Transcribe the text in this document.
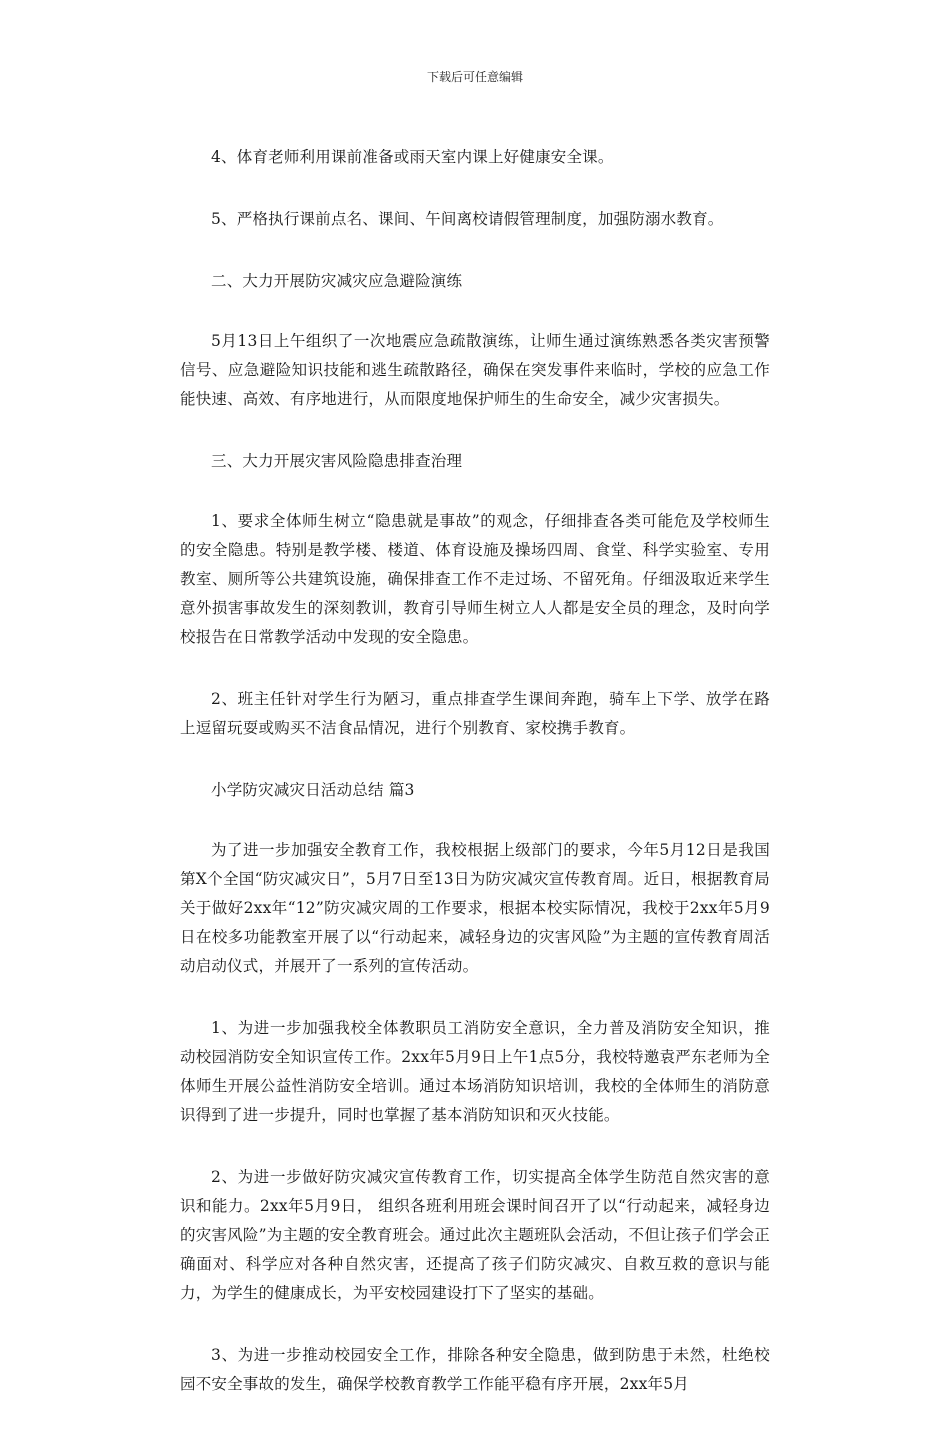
下载后可任意编辑

4、体育老师利用课前准备或雨天室内课上好健康安全课。

5、严格执行课前点名、课间、午间离校请假管理制度，加强防溺水教育。

二、大力开展防灾减灾应急避险演练

5月13日上午组织了一次地震应急疏散演练，让师生通过演练熟悉各类灾害预警信号、应急避险知识技能和逃生疏散路径，确保在突发事件来临时，学校的应急工作能快速、高效、有序地进行，从而限度地保护师生的生命安全，减少灾害损失。

三、大力开展灾害风险隐患排查治理

1、要求全体师生树立“隐患就是事故”的观念，仔细排查各类可能危及学校师生的安全隐患。特别是教学楼、楼道、体育设施及操场四周、食堂、科学实验室、专用教室、厕所等公共建筑设施，确保排查工作不走过场、不留死角。仔细汲取近来学生意外损害事故发生的深刻教训，教育引导师生树立人人都是安全员的理念，及时向学校报告在日常教学活动中发现的安全隐患。

2、班主任针对学生行为陋习，重点排查学生课间奔跑，骑车上下学、放学在路上逗留玩耍或购买不洁食品情况，进行个别教育、家校携手教育。

小学防灾减灾日活动总结 篇3

为了进一步加强安全教育工作，我校根据上级部门的要求，今年5月12日是我国第X个全国“防灾减灾日”，5月7日至13日为防灾减灾宣传教育周。近日，根据教育局关于做好2xx年“12”防灾减灾周的工作要求，根据本校实际情况，我校于2xx年5月9日在校多功能教室开展了以“行动起来，减轻身边的灾害风险”为主题的宣传教育周活动启动仪式，并展开了一系列的宣传活动。

1、为进一步加强我校全体教职员工消防安全意识，全力普及消防安全知识，推动校园消防安全知识宣传工作。2xx年5月9日上午1点5分，我校特邀袁严东老师为全体师生开展公益性消防安全培训。通过本场消防知识培训，我校的全体师生的消防意识得到了进一步提升，同时也掌握了基本消防知识和灭火技能。

2、为进一步做好防灾减灾宣传教育工作，切实提高全体学生防范自然灾害的意识和能力。2xx年5月9日， 组织各班利用班会课时间召开了以“行动起来，减轻身边的灾害风险”为主题的安全教育班会。通过此次主题班队会活动，不但让孩子们学会正确面对、科学应对各种自然灾害，还提高了孩子们防灾减灾、自救互救的意识与能力，为学生的健康成长，为平安校园建设打下了坚实的基础。

3、为进一步推动校园安全工作，排除各种安全隐患，做到防患于未然，杜绝校园不安全事故的发生，确保学校教育教学工作能平稳有序开展，2xx年5月
